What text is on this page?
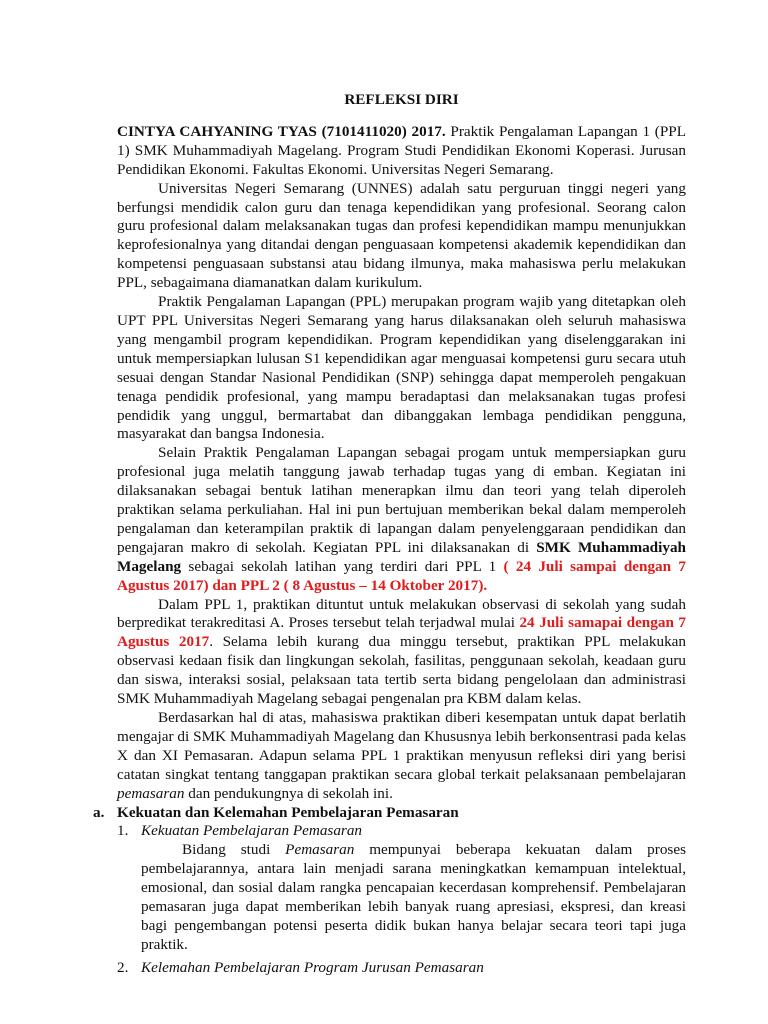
REFLEKSI DIRI

CINTYA CAHYANING TYAS (7101411020) 2017. Praktik Pengalaman Lapangan 1 (PPL 1) SMK Muhammadiyah Magelang. Program Studi Pendidikan Ekonomi Koperasi. Jurusan Pendidikan Ekonomi. Fakultas Ekonomi. Universitas Negeri Semarang.

Universitas Negeri Semarang (UNNES) adalah satu perguruan tinggi negeri yang berfungsi mendidik calon guru dan tenaga kependidikan yang profesional. Seorang calon guru profesional dalam melaksanakan tugas dan profesi kependidikan mampu menunjukkan keprofesionalnya yang ditandai dengan penguasaan kompetensi akademik kependidikan dan kompetensi penguasaan substansi atau bidang ilmunya, maka mahasiswa perlu melakukan PPL, sebagaimana diamanatkan dalam kurikulum.

Praktik Pengalaman Lapangan (PPL) merupakan program wajib yang ditetapkan oleh UPT PPL Universitas Negeri Semarang yang harus dilaksanakan oleh seluruh mahasiswa yang mengambil program kependidikan. Program kependidikan yang diselenggarakan ini untuk mempersiapkan lulusan S1 kependidikan agar menguasai kompetensi guru secara utuh sesuai dengan Standar Nasional Pendidikan (SNP) sehingga dapat memperoleh pengakuan tenaga pendidik profesional, yang mampu beradaptasi dan melaksanakan tugas profesi pendidik yang unggul, bermartabat dan dibanggakan lembaga pendidikan pengguna, masyarakat dan bangsa Indonesia.

Selain Praktik Pengalaman Lapangan sebagai progam untuk mempersiapkan guru profesional juga melatih tanggung jawab terhadap tugas yang di emban. Kegiatan ini dilaksanakan sebagai bentuk latihan menerapkan ilmu dan teori yang telah diperoleh praktikan selama perkuliahan. Hal ini pun bertujuan memberikan bekal dalam memperoleh pengalaman dan keterampilan praktik di lapangan dalam penyelenggaraan pendidikan dan pengajaran makro di sekolah. Kegiatan PPL ini dilaksanakan di SMK Muhammadiyah Magelang sebagai sekolah latihan yang terdiri dari PPL 1 ( 24 Juli sampai dengan 7 Agustus 2017) dan PPL 2 ( 8 Agustus – 14 Oktober 2017).

Dalam PPL 1, praktikan dituntut untuk melakukan observasi di sekolah yang sudah berpredikat terakreditasi A. Proses tersebut telah terjadwal mulai 24 Juli samapai dengan 7 Agustus 2017. Selama lebih kurang dua minggu tersebut, praktikan PPL melakukan observasi kedaan fisik dan lingkungan sekolah, fasilitas, penggunaan sekolah, keadaan guru dan siswa, interaksi sosial, pelaksaan tata tertib serta bidang pengelolaan dan administrasi SMK Muhammadiyah Magelang sebagai pengenalan pra KBM dalam kelas.

Berdasarkan hal di atas, mahasiswa praktikan diberi kesempatan untuk dapat berlatih mengajar di SMK Muhammadiyah Magelang dan Khususnya lebih berkonsentrasi pada kelas X dan XI Pemasaran. Adapun selama PPL 1 praktikan menyusun refleksi diri yang berisi catatan singkat tentang tanggapan praktikan secara global terkait pelaksanaan pembelajaran pemasaran dan pendukungnya di sekolah ini.

a. Kekuatan dan Kelemahan Pembelajaran Pemasaran
1. Kekuatan Pembelajaran Pemasaran

Bidang studi Pemasaran mempunyai beberapa kekuatan dalam proses pembelajarannya, antara lain menjadi sarana meningkatkan kemampuan intelektual, emosional, dan sosial dalam rangka pencapaian kecerdasan komprehensif. Pembelajaran pemasaran juga dapat memberikan lebih banyak ruang apresiasi, ekspresi, dan kreasi bagi pengembangan potensi peserta didik bukan hanya belajar secara teori tapi juga praktik.

2. Kelemahan Pembelajaran Program Jurusan Pemasaran
